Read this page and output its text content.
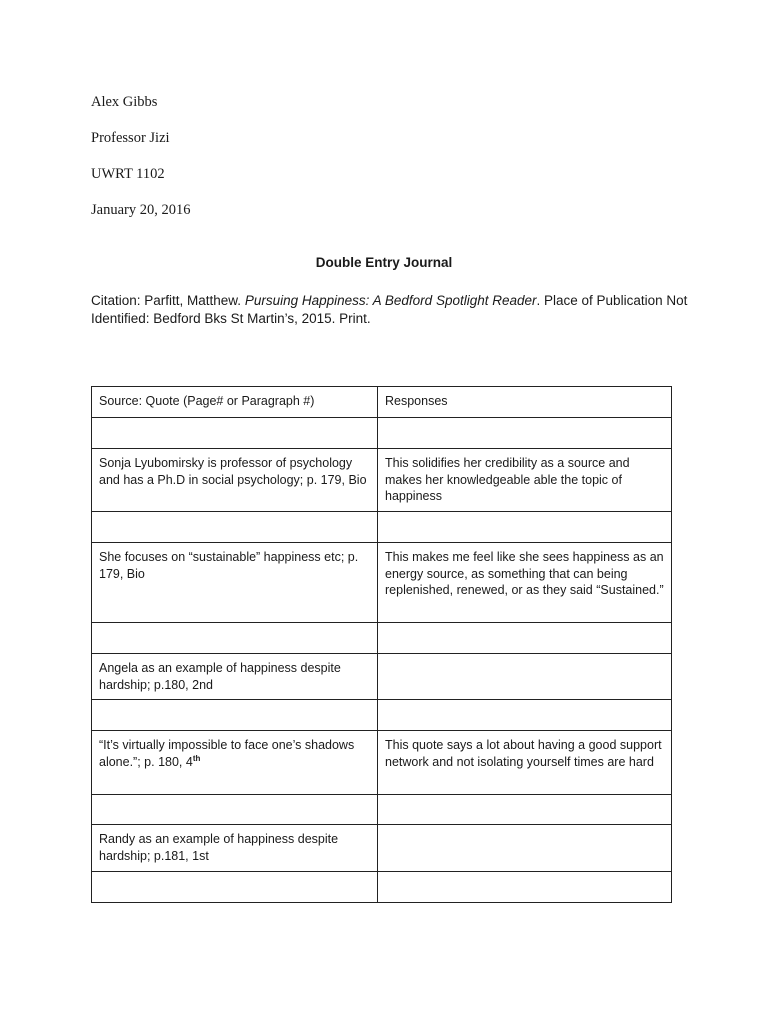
Alex Gibbs
Professor Jizi
UWRT 1102
January 20, 2016
Double Entry Journal
Citation: Parfitt, Matthew. Pursuing Happiness: A Bedford Spotlight Reader. Place of Publication Not Identified: Bedford Bks St Martin’s, 2015. Print.
Source: Quote (Page# or Paragraph #)	Responses

Sonja Lyubomirsky is professor of psychology and has a Ph.D in social psychology; p. 179, Bio	This solidifies her credibility as a source and makes her knowledgeable able the topic of happiness

She focuses on “sustainable” happiness etc; p. 179, Bio	This makes me feel like she sees happiness as an energy source, as something that can being replenished, renewed, or as they said “Sustained.”

Angela as an example of happiness despite hardship; p.180, 2nd	

“It’s virtually impossible to face one’s shadows alone.”; p. 180, 4th	This quote says a lot about having a good support network and not isolating yourself times are hard

Randy as an example of happiness despite hardship; p.181, 1st	
